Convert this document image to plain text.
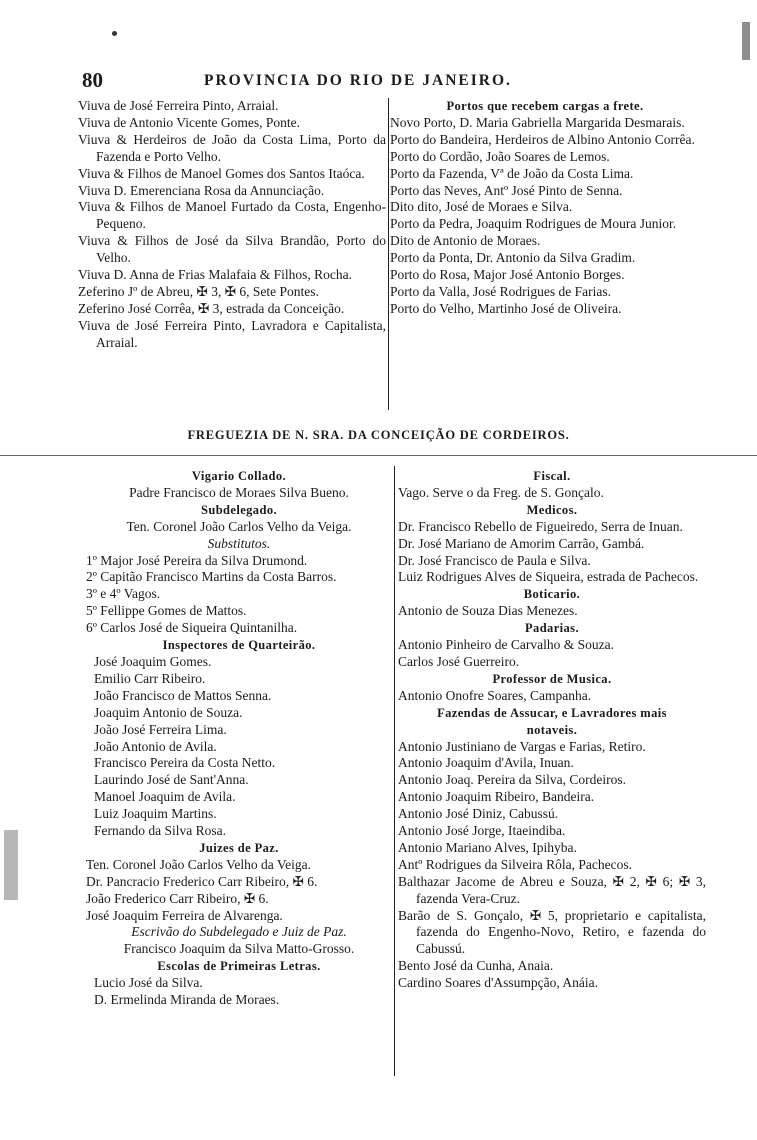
80	PROVINCIA DO RIO DE JANEIRO.
Viuva de José Ferreira Pinto, Arraial.
Viuva de Antonio Vicente Gomes, Ponte.
Viuva & Herdeiros de João da Costa Lima, Porto da Fazenda e Porto Velho.
Viuva & Filhos de Manoel Gomes dos Santos Itaóca.
Viuva D. Emerenciana Rosa da Annunciação.
Viuva & Filhos de Manoel Furtado da Costa, Engenho-Pequeno.
Viuva & Filhos de José da Silva Brandão, Porto do Velho.
Viuva D. Anna de Frias Malafaia & Filhos, Rocha.
Zeferino Jº de Abreu, ✠ 3, ✠ 6, Sete Pontes.
Zeferino José Corrêa, ✠ 3, estrada da Conceição.
Viuva de José Ferreira Pinto, Lavradora e Capitalista, Arraial.
Portos que recebem cargas a frete.
Novo Porto, D. Maria Gabriella Margarida Desmarais.
Porto do Bandeira, Herdeiros de Albino Antonio Corrêa.
Porto do Cordão, João Soares de Lemos.
Porto da Fazenda, Vª de João da Costa Lima.
Porto das Neves, Antº José Pinto de Senna.
Dito dito, José de Moraes e Silva.
Porto da Pedra, Joaquim Rodrigues de Moura Junior.
Dito de Antonio de Moraes.
Porto da Ponta, Dr. Antonio da Silva Gradim.
Porto do Rosa, Major José Antonio Borges.
Porto da Valla, José Rodrigues de Farias.
Porto do Velho, Martinho José de Oliveira.
FREGUEZIA DE N. SRA. DA CONCEIÇÃO DE CORDEIROS.
Vigario Collado.
Padre Francisco de Moraes Silva Bueno.
Subdelegado.
Ten. Coronel João Carlos Velho da Veiga.
Substitutos.
1º Major José Pereira da Silva Drumond.
2º Capitão Francisco Martins da Costa Barros.
3º e 4º Vagos.
5º Fellippe Gomes de Mattos.
6º Carlos José de Siqueira Quintanilha.
Inspectores de Quarteirão.
José Joaquim Gomes.
Emilio Carr Ribeiro.
João Francisco de Mattos Senna.
Joaquim Antonio de Souza.
João José Ferreira Lima.
João Antonio de Avila.
Francisco Pereira da Costa Netto.
Laurindo José de Sant'Anna.
Manoel Joaquim de Avila.
Luiz Joaquim Martins.
Fernando da Silva Rosa.
Juizes de Paz.
Ten. Coronel João Carlos Velho da Veiga.
Dr. Pancracio Frederico Carr Ribeiro, ✠ 6.
João Frederico Carr Ribeiro, ✠ 6.
José Joaquim Ferreira de Alvarenga.
Escrivão do Subdelegado e Juiz de Paz.
Francisco Joaquim da Silva Matto-Grosso.
Escolas de Primeiras Letras.
Lucio José da Silva.
D. Ermelinda Miranda de Moraes.
Fiscal.
Vago. Serve o da Freg. de S. Gonçalo.
Medicos.
Dr. Francisco Rebello de Figueiredo, Serra de Inuan.
Dr. José Mariano de Amorim Carrão, Gambá.
Dr. José Francisco de Paula e Silva.
Luiz Rodrigues Alves de Siqueira, estrada de Pachecos.
Boticario.
Antonio de Souza Dias Menezes.
Padarias.
Antonio Pinheiro de Carvalho & Souza.
Carlos José Guerreiro.
Professor de Musica.
Antonio Onofre Soares, Campanha.
Fazendas de Assucar, e Lavradores mais notaveis.
Antonio Justiniano de Vargas e Farias, Retiro.
Antonio Joaquim d'Avila, Inuan.
Antonio Joaq. Pereira da Silva, Cordeiros.
Antonio Joaquim Ribeiro, Bandeira.
Antonio José Diniz, Cabussú.
Antonio José Jorge, Itaeindiba.
Antonio Mariano Alves, Ipihyba.
Antº Rodrigues da Silveira Rôla, Pachecos.
Balthazar Jacome de Abreu e Souza, ✠ 2, ✠ 6; ✠ 3, fazenda Vera-Cruz.
Barão de S. Gonçalo, ✠ 5, proprietario e capitalista, fazenda do Engenho-Novo, Retiro, e fazenda do Cabussú.
Bento José da Cunha, Anaia.
Cardino Soares d'Assumpção, Anáia.
